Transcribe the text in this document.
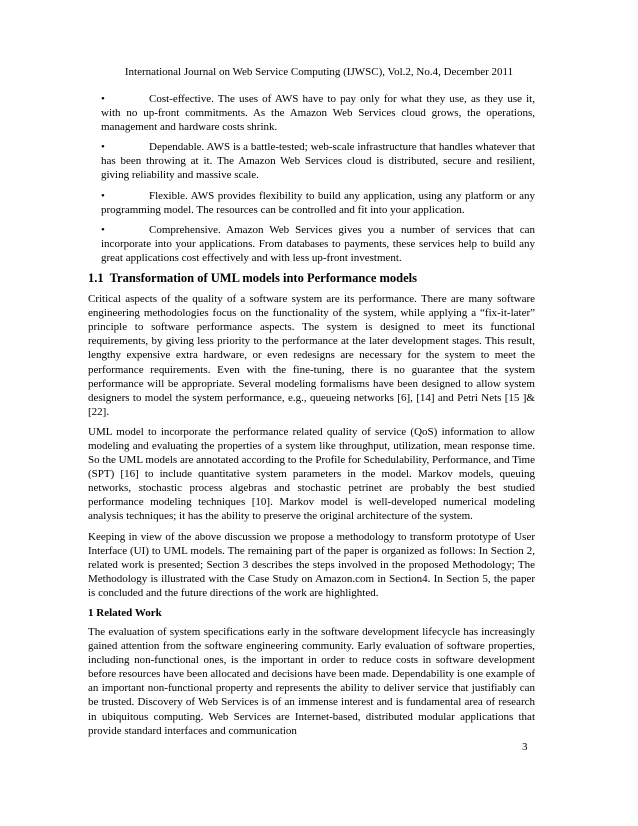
International Journal on Web Service Computing (IJWSC), Vol.2, No.4, December 2011
•	Cost-effective. The uses of AWS have to pay only for what they use, as they use it, with no up-front commitments. As the Amazon Web Services cloud grows, the operations, management and hardware costs shrink.
•	Dependable. AWS is a battle-tested; web-scale infrastructure that handles whatever that has been throwing at it. The Amazon Web Services cloud is distributed, secure and resilient, giving reliability and massive scale.
•	Flexible. AWS provides flexibility to build any application, using any platform or any programming model. The resources can be controlled and fit into your application.
•	Comprehensive. Amazon Web Services gives you a number of services that can incorporate into your applications. From databases to payments, these services help to build any great applications cost effectively and with less up-front investment.
1.1 Transformation of UML models into Performance models

Critical aspects of the quality of a software system are its performance. There are many software engineering methodologies focus on the functionality of the system, while applying a “fix-it-later” principle to software performance aspects. The system is designed to meet its functional requirements, by giving less priority to the performance at the later development stages. This result, lengthy expensive extra hardware, or even redesigns are necessary for the system to meet the performance requirements. Even with the fine-tuning, there is no guarantee that the system performance will be appropriate. Several modeling formalisms have been designed to allow system designers to model the system performance, e.g., queueing networks [6], [14] and Petri Nets [15 ]& [22].

UML model to incorporate the performance related quality of service (QoS) information to allow modeling and evaluating the properties of a system like throughput, utilization, mean response time. So the UML models are annotated according to the Profile for Schedulability, Performance, and Time (SPT) [16] to include quantitative system parameters in the model. Markov models, queuing networks, stochastic process algebras and stochastic petrinet are probably the best studied performance modeling techniques [10]. Markov model is well-developed numerical modeling analysis techniques; it has the ability to preserve the original architecture of the system.

Keeping in view of the above discussion we propose a methodology to transform prototype of User Interface (UI) to UML models. The remaining part of the paper is organized as follows: In Section 2, related work is presented; Section 3 describes the steps involved in the proposed Methodology; The Methodology is illustrated with the Case Study on Amazon.com in Section4. In Section 5, the paper is concluded and the future directions of the work are highlighted.

1 Related Work

The evaluation of system specifications early in the software development lifecycle has increasingly gained attention from the software engineering community. Early evaluation of software properties, including non-functional ones, is the important in order to reduce costs in software development before resources have been allocated and decisions have been made. Dependability is one example of an important non-functional property and represents the ability to deliver service that justifiably can be trusted. Discovery of Web Services is of an immense interest and is fundamental area of research in ubiquitous computing. Web Services are Internet-based, distributed modular applications that provide standard interfaces and communication

3
